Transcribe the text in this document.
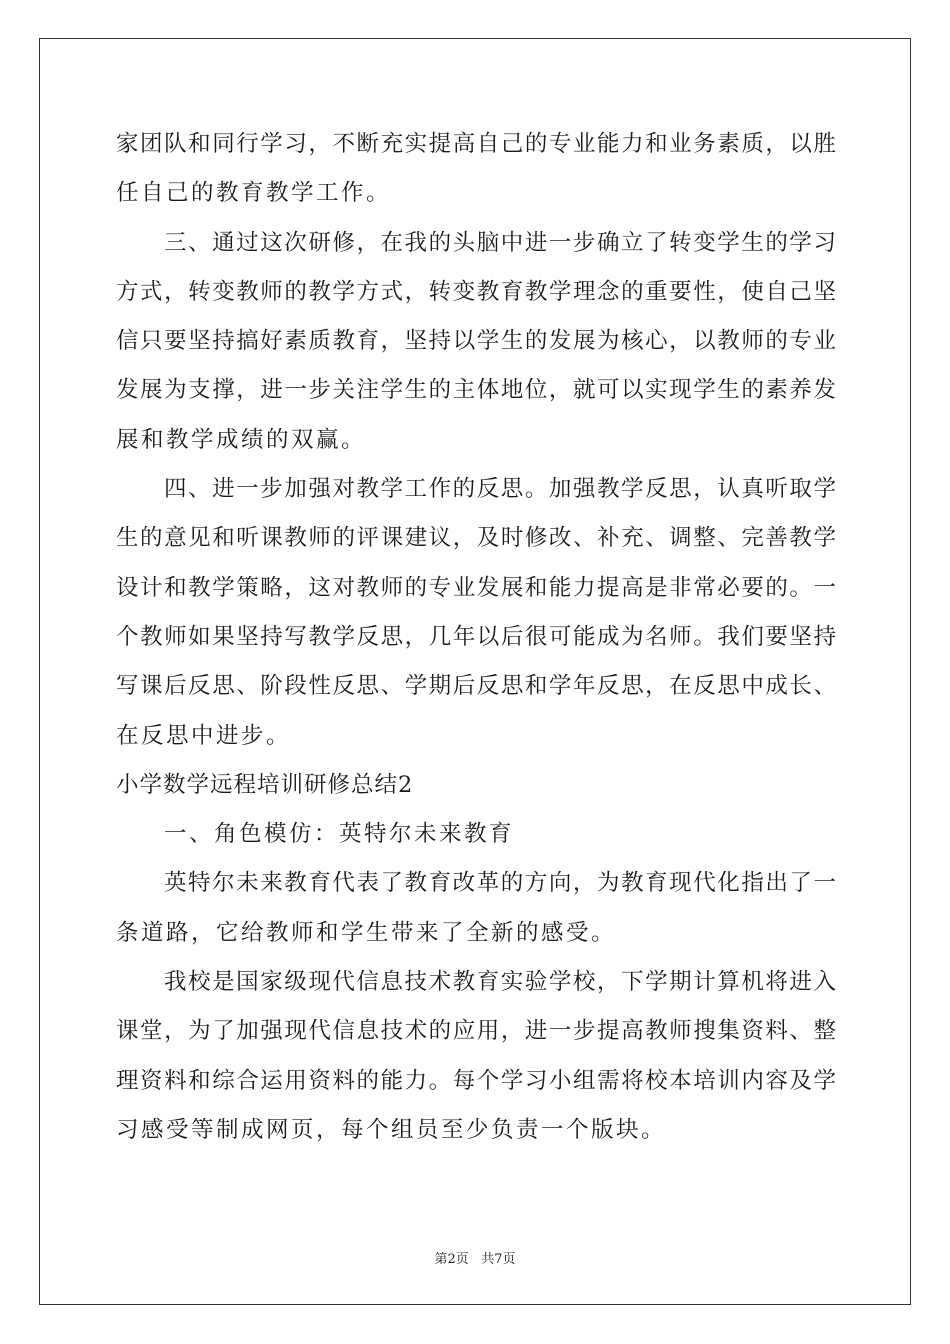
家团队和同行学习，不断充实提高自己的专业能力和业务素质，以胜
任自己的教育教学工作。
三、通过这次研修，在我的头脑中进一步确立了转变学生的学习
方式，转变教师的教学方式，转变教育教学理念的重要性，使自己坚
信只要坚持搞好素质教育，坚持以学生的发展为核心，以教师的专业
发展为支撑，进一步关注学生的主体地位，就可以实现学生的素养发
展和教学成绩的双赢。
四、进一步加强对教学工作的反思。加强教学反思，认真听取学
生的意见和听课教师的评课建议，及时修改、补充、调整、完善教学
设计和教学策略，这对教师的专业发展和能力提高是非常必要的。一
个教师如果坚持写教学反思，几年以后很可能成为名师。我们要坚持
写课后反思、阶段性反思、学期后反思和学年反思，在反思中成长、
在反思中进步。
小学数学远程培训研修总结2
一、角色模仿：英特尔未来教育
英特尔未来教育代表了教育改革的方向，为教育现代化指出了一
条道路，它给教师和学生带来了全新的感受。
我校是国家级现代信息技术教育实验学校，下学期计算机将进入
课堂，为了加强现代信息技术的应用，进一步提高教师搜集资料、整
理资料和综合运用资料的能力。每个学习小组需将校本培训内容及学
习感受等制成网页，每个组员至少负责一个版块。
第2页 共7页
